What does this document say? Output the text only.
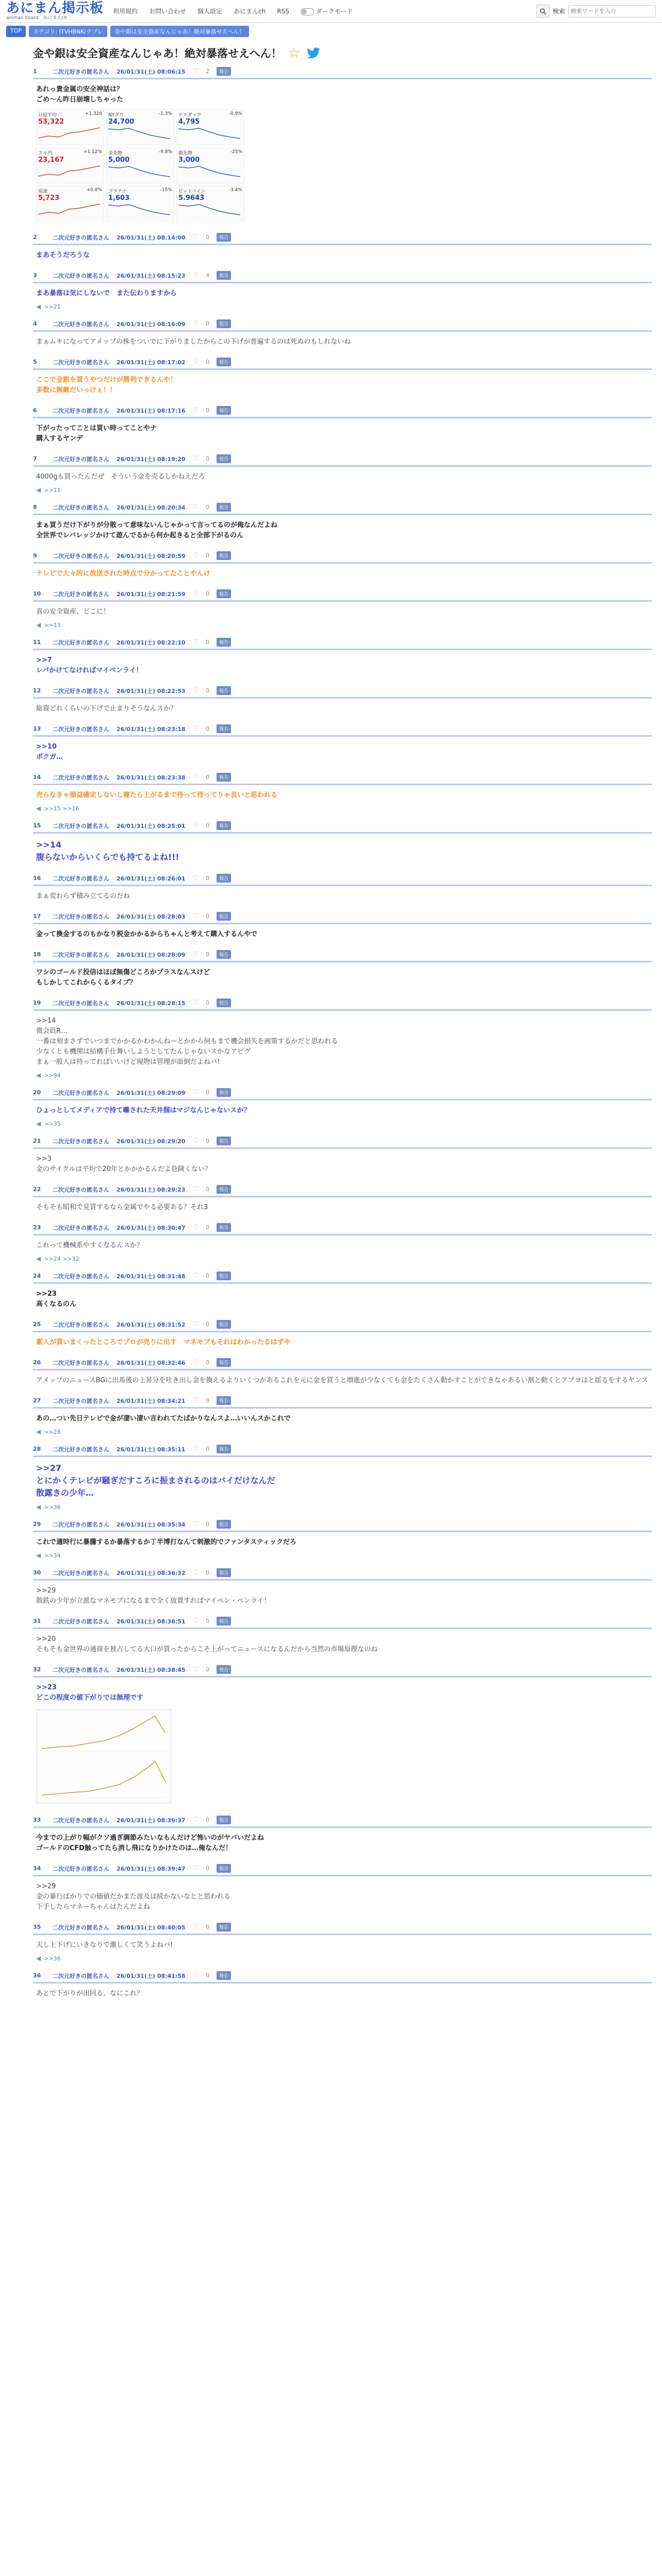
あにまん掲示板
animan board　あにまんch
利用規約 お問い合わせ 個人設定 あにまんch RSS	ダークモード	検索
検索ワードを入力
TOP	カテゴリ: ITVHBNK/テプレ	金や銀は安全資産なんじゃあ！絶対暴落せえへん！
金や銀は安全資産なんじゃあ！絶対暴落せえへん！ ☆
1	二次元好きの匿名さん 26/01/31(土) 08:06:15 ♡ 2	報告
あれっ貴金属の安全神話は？
ごめ～ん昨日崩壊しちゃった
日経平均	+1,320
53,322
NYダウ	-1.3%
24,700
ナスダック	-0.9%
4,795
ドル円	+1.12%
23,167
金先物	-9.8%
5,000
銀先物	-25%
3,000
原油	+0.8%
5,723
プラチナ	-15%
1,603
ビットコイン	-3.4%
5.9643
2	二次元好きの匿名さん 26/01/31(土) 08:14:00 ♡ 0	報告
まあそうだろうな
3	二次元好きの匿名さん 26/01/31(土) 08:15:23 ♡ 4	報告
まあ暴落は気にしないで　また伝わりますから
◀ >>21
4	二次元好きの匿名さん 26/01/31(土) 08:16:09 ♡ 0	報告
まぁムキになってアメップの株をついでに下がりましたからこの下げが普遍するのは死ぬのもしれないね
5	二次元好きの匿名さん 26/01/31(土) 08:17:02 ♡ 0	報告
ここで金銀を買うやつだけが勝利できるんや！
多数に無敵だいっけぇ！！
6	二次元好きの匿名さん 26/01/31(土) 08:17:16 ♡ 0	報告
下がったってことは買い時ってことやナ
購入するヤンデ
7	二次元好きの匿名さん 26/01/31(土) 08:19:20 ♡ 0	報告
4000gも買ったんだぜ　そういう金を売るしかねえだろ
◀ >>11
8	二次元好きの匿名さん 26/01/31(土) 08:20:34 ♡ 0	報告
まぁ買うだけ下がりが分散って意味ないんじゃかって言ってるのが俺なんだよね
全世界でレバレッジかけて遊んでるから何か起きると全部下がるのん
9	二次元好きの匿名さん 26/01/31(土) 08:20:59 ♡ 0	報告
テレビで大々的に放送された時点で分かってたことやんけ
10	二次元好きの匿名さん 26/01/31(土) 08:21:59 ♡ 0	報告
真の安全資産、どこに！
◀ >>13
11	二次元好きの匿名さん 26/01/31(土) 08:22:10 ♡ 0	報告
>>7
レバかけてなければマイペンライ！
12	二次元好きの匿名さん 26/01/31(土) 08:22:53 ♡ 0	報告
総資どれくらいの下げで止まりそうなんスか？
13	二次元好きの匿名さん 26/01/31(土) 08:23:18 ♡ 0	報告
>>10
ボクガ…
14	二次元好きの匿名さん 26/01/31(土) 08:23:38 ♡ 0	報告
売らなきゃ損益確定しないし寝たら上がるまで待って待ってりゃ良いと思われる
◀ >>15 >>16
15	二次元好きの匿名さん 26/01/31(土) 08:25:01 ♡ 0	報告
>>14
腹らないからいくらでも持てるよね!!!
16	二次元好きの匿名さん 26/01/31(土) 08:26:01 ♡ 0	報告
まぁ変わらず積み立てるのだね
17	二次元好きの匿名さん 26/01/31(土) 08:28:03 ♡ 0	報告
金って換金するのもかなり税金かかるからちゃんと考えて購入するんやで
18	二次元好きの匿名さん 26/01/31(土) 08:28:09 ♡ 0	報告
ワシのゴールド投信はほぼ無傷どころかプラスなんスけど
もしかしてこれからくるタイプ？
19	二次元好きの匿名さん 26/01/31(土) 08:28:15 ♡ 0	報告
>>14
微会員R…
一番は刻まさずでいつまでかかるかわかんねーとかから何もまで機会損失を画策するかだと思われる
少なくとも機関は結構手仕舞いしようとしてたんじゃないスかなアビグ
まぁ一般人は持ってればいいけど現物は管理が面倒だよねバ!
◀ >>94
20	二次元好きの匿名さん 26/01/31(土) 08:29:09 ♡ 0	報告
ひょっとしてメディアで持て囃された天井掴はマジなんじゃないスか？
◀ >>35
21	二次元好きの匿名さん 26/01/31(土) 08:29:20 ♡ 0	報告
>>3
金のサイクルは平均で20年とかかかるんだよ危険くない？
22	二次元好きの匿名さん 26/01/31(土) 08:29:23 ♡ 0	報告
そもそも昭和で見買するなら金属でやる必要ある？それ3
23	二次元好きの匿名さん 26/01/31(土) 08:30:47 ♡ 0	報告
これって機械系やすくなるんスか？
◀ >>24 >>32
24	二次元好きの匿名さん 26/01/31(土) 08:31:48 ♡ 0	報告
>>23
高くなるのん
25	二次元好きの匿名さん 26/01/31(土) 08:31:52 ♡ 0	報告
素人が買いまくったところでプロが売りに出す　マネモブもそれはわかったるはずや
26	二次元好きの匿名さん 26/01/31(土) 08:32:46 ♡ 0	報告
アメップのニュースBGに出馬後の上昇分を吐き出し金を換えるよりいくつかあるこれを元に金を買うと増進が少なくても金をたくさん動かすことができなゃあるい割と動くとアプヨはと揺るをするヤンス
27	二次元好きの匿名さん 26/01/31(土) 08:34:21 ♡ 0	報告
あの…つい先日テレビで金が凄い凄い言われてたばかりなんスよ…いいんスかこれで
◀ >>28
28	二次元好きの匿名さん 26/01/31(土) 08:35:11 ♡ 0	報告
>>27
とにかくテレビが騒ぎだすころに振まされるのはバイだけなんだ
散露きの少年…
◀ >>36
29	二次元好きの匿名さん 26/01/31(土) 08:35:34 ♡ 0	報告
これで適時行に暴騰するか暴落するか丁半博打なんて刺激的でファンタスティックだろ
◀ >>34
30	二次元好きの匿名さん 26/01/31(土) 08:36:32 ♡ 0	報告
>>29
散鉄の少年が立派なマネモブになるまで全く放置すればマイペン・ペンライ！
31	二次元好きの匿名さん 26/01/31(土) 08:36:51 ♡ 0	報告
>>20
そもそも金世界の通商を独占してる大口が買ったからこそ上がってニュースになるんだから当然の市場原理なのね
32	二次元好きの匿名さん 26/01/31(土) 08:38:45 ♡ 0	報告
>>23
どこの程度の値下がりでは無理です
33	二次元好きの匿名さん 26/01/31(土) 08:39:37 ♡ 0	報告
今までの上がり幅がクソ過ぎ調節みたいなもんだけど怖いのがヤバいだよね
ゴールドのCFD触ってたら消し飛になりかけたのは…俺なんだ！
34	二次元好きの匿名さん 26/01/31(土) 08:39:47 ♡ 0	報告
>>29
金の暴行ばかりでの価値だかまた波及は続かないなとと思われる
下手したらマネーちゃんはたんだよね
35	二次元好きの匿名さん 26/01/31(土) 08:40:05 ♡ 0	報告
天し上下げにいきなりで激しくて笑うよねバ!
◀ >>36
36	二次元好きの匿名さん 26/01/31(土) 08:41:58 ♡ 0	報告
あとで下がりが出回る、なにこれ？
